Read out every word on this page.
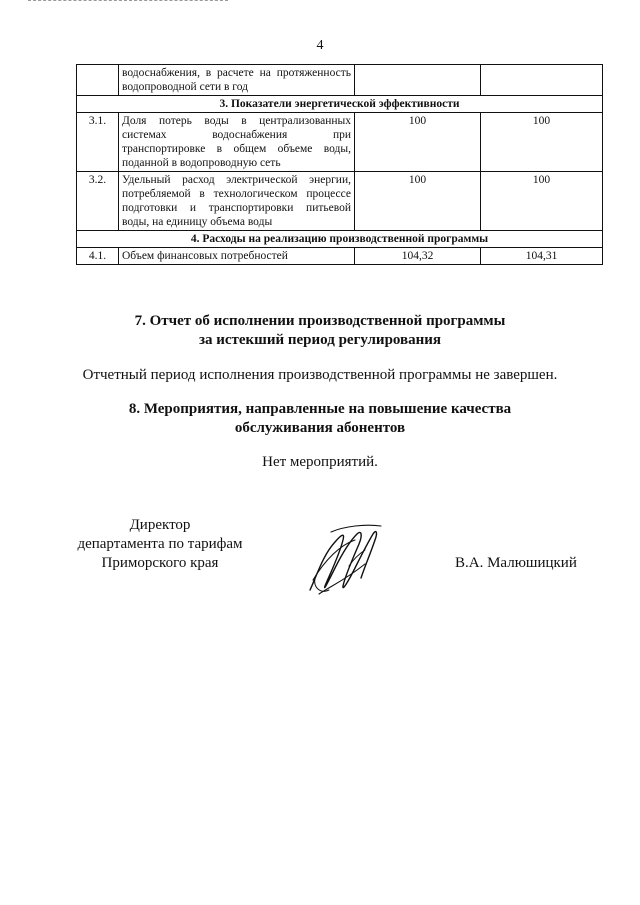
4
	водоснабжения, в расчете на протяженность водопроводной сети в год		
3. Показатели энергетической эффективности			
3.1.	Доля потерь воды в централизованных системах водоснабжения при транспортировке в общем объеме воды, поданной в водопроводную сеть	100	100
3.2.	Удельный расход электрической энергии, потребляемой в технологическом процессе подготовки и транспортировки питьевой воды, на единицу объема воды	100	100
4. Расходы на реализацию производственной программы			
4.1.	Объем финансовых потребностей	104,32	104,31
7. Отчет об исполнении производственной программы
за истекший период регулирования
Отчетный период исполнения производственной программы не завершен.
8. Мероприятия, направленные на повышение качества
обслуживания абонентов
Нет мероприятий.
Директор
департамента по тарифам
Приморского края	В.А. Малюшицкий
